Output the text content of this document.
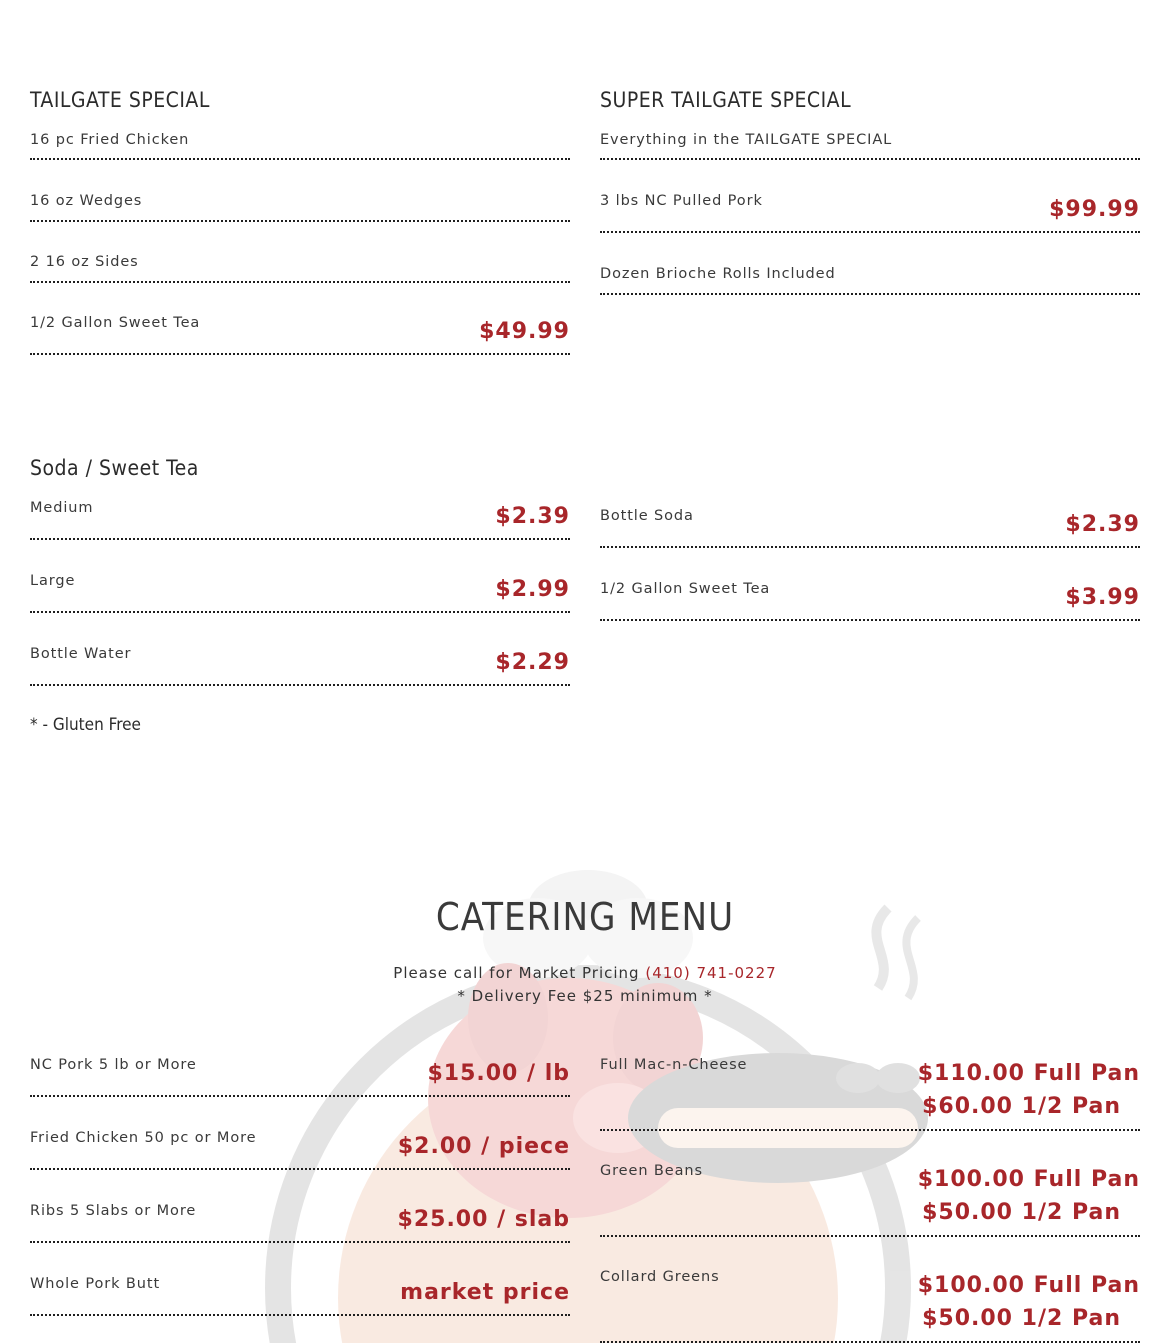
TAILGATE SPECIAL
16 pc Fried Chicken
16 oz Wedges
2 16 oz Sides
1/2 Gallon Sweet Tea	$49.99
SUPER TAILGATE SPECIAL
Everything in the TAILGATE SPECIAL
3 lbs NC Pulled Pork	$99.99
Dozen Brioche Rolls Included
Soda / Sweet Tea
Medium	$2.39
Large	$2.99
Bottle Water	$2.29
Bottle Soda	$2.39
1/2 Gallon Sweet Tea	$3.99
* - Gluten Free
CATERING MENU
Please call for Market Pricing (410) 741-0227
* Delivery Fee $25 minimum *
NC Pork 5 lb or More	$15.00 / lb
Fried Chicken 50 pc or More	$2.00 / piece
Ribs 5 Slabs or More	$25.00 / slab
Whole Pork Butt	market price
Full Mac-n-Cheese	$110.00 Full Pan
$60.00 1/2 Pan
Green Beans	$100.00 Full Pan
$50.00 1/2 Pan
Collard Greens	$100.00 Full Pan
$50.00 1/2 Pan
